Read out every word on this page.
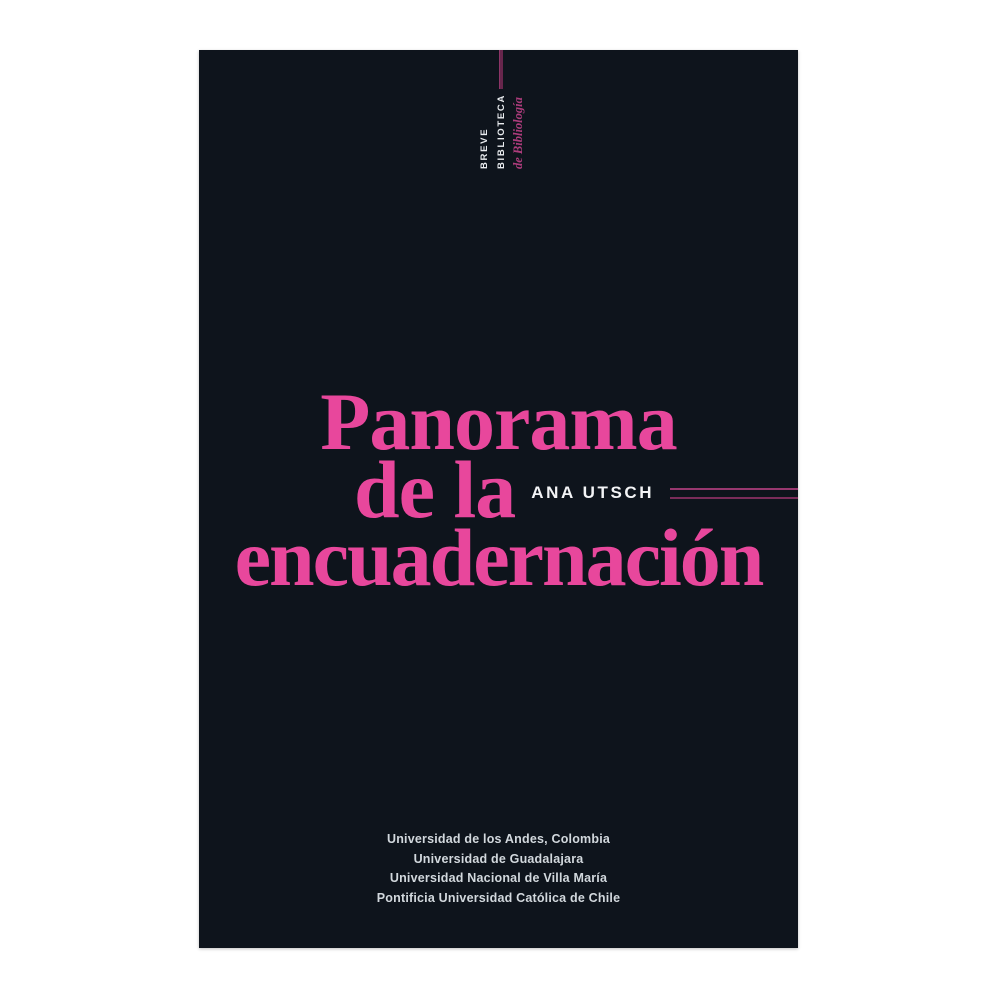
BREVE BIBLIOTECA de Bibliología
Panorama
de la ANA UTSCH
encuadernación
Universidad de los Andes, Colombia
Universidad de Guadalajara
Universidad Nacional de Villa María
Pontificia Universidad Católica de Chile
